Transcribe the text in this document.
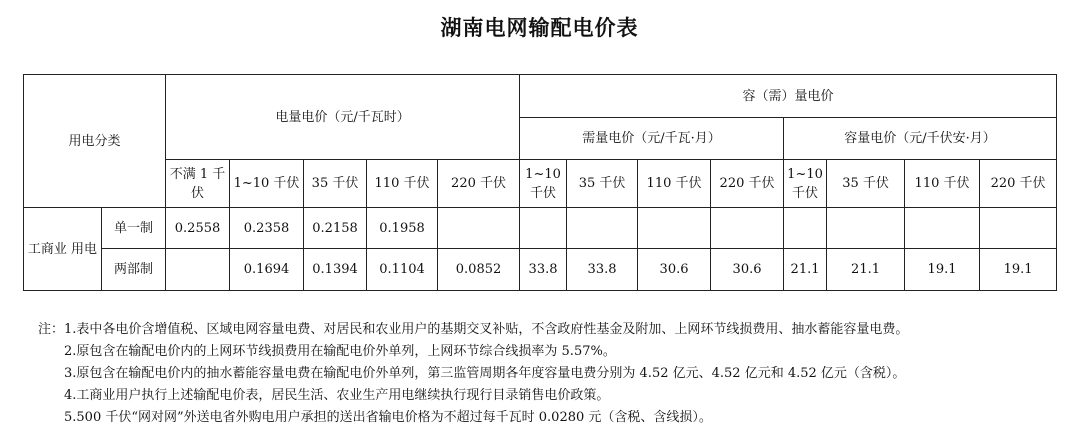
湖南电网输配电价表
用电分类		电量电价（元/千瓦时）					容（需）量电价							
							需量电价（元/千瓦·月）				容量电价（元/千伏安·月）			
		不满 1 千伏	1~10 千伏	35 千伏	110 千伏	220 千伏	1~10 千伏	35 千伏	110 千伏	220 千伏	1~10 千伏	35 千伏	110 千伏	220 千伏
工商业 用电	单一制	0.2558	0.2358	0.2158	0.1958									
	两部制		0.1694	0.1394	0.1104	0.0852	33.8	33.8	30.6	30.6	21.1	21.1	19.1	19.1
注：1.表中各电价含增值税、区域电网容量电费、对居民和农业用户的基期交叉补贴，不含政府性基金及附加、上网环节线损费用、抽水蓄能容量电费。
2.原包含在输配电价内的上网环节线损费用在输配电价外单列，上网环节综合线损率为 5.57%。
3.原包含在输配电价内的抽水蓄能容量电费在输配电价外单列，第三监管周期各年度容量电费分别为 4.52 亿元、4.52 亿元和 4.52 亿元（含税）。
4.工商业用户执行上述输配电价表，居民生活、农业生产用电继续执行现行目录销售电价政策。
5.500 千伏“网对网”外送电省外购电用户承担的送出省输电价格为不超过每千瓦时 0.0280 元（含税、含线损）。
